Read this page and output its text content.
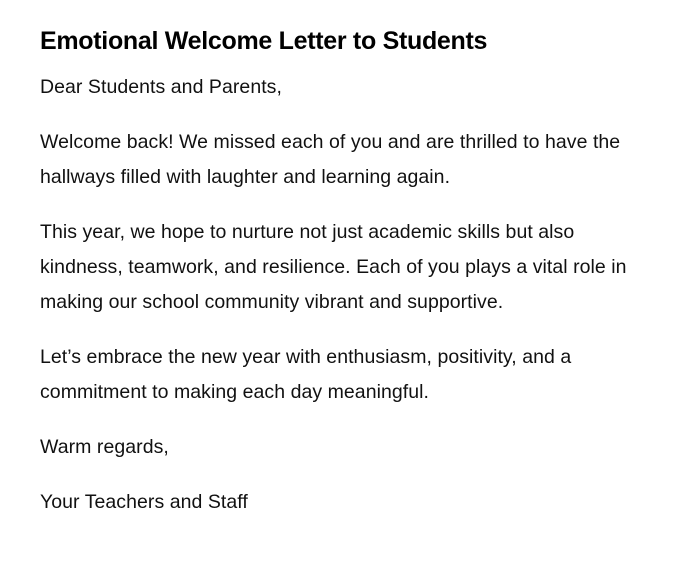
Emotional Welcome Letter to Students

Dear Students and Parents,

Welcome back! We missed each of you and are thrilled to have the hallways filled with laughter and learning again.

This year, we hope to nurture not just academic skills but also kindness, teamwork, and resilience. Each of you plays a vital role in making our school community vibrant and supportive.

Let’s embrace the new year with enthusiasm, positivity, and a commitment to making each day meaningful.

Warm regards,

Your Teachers and Staff
